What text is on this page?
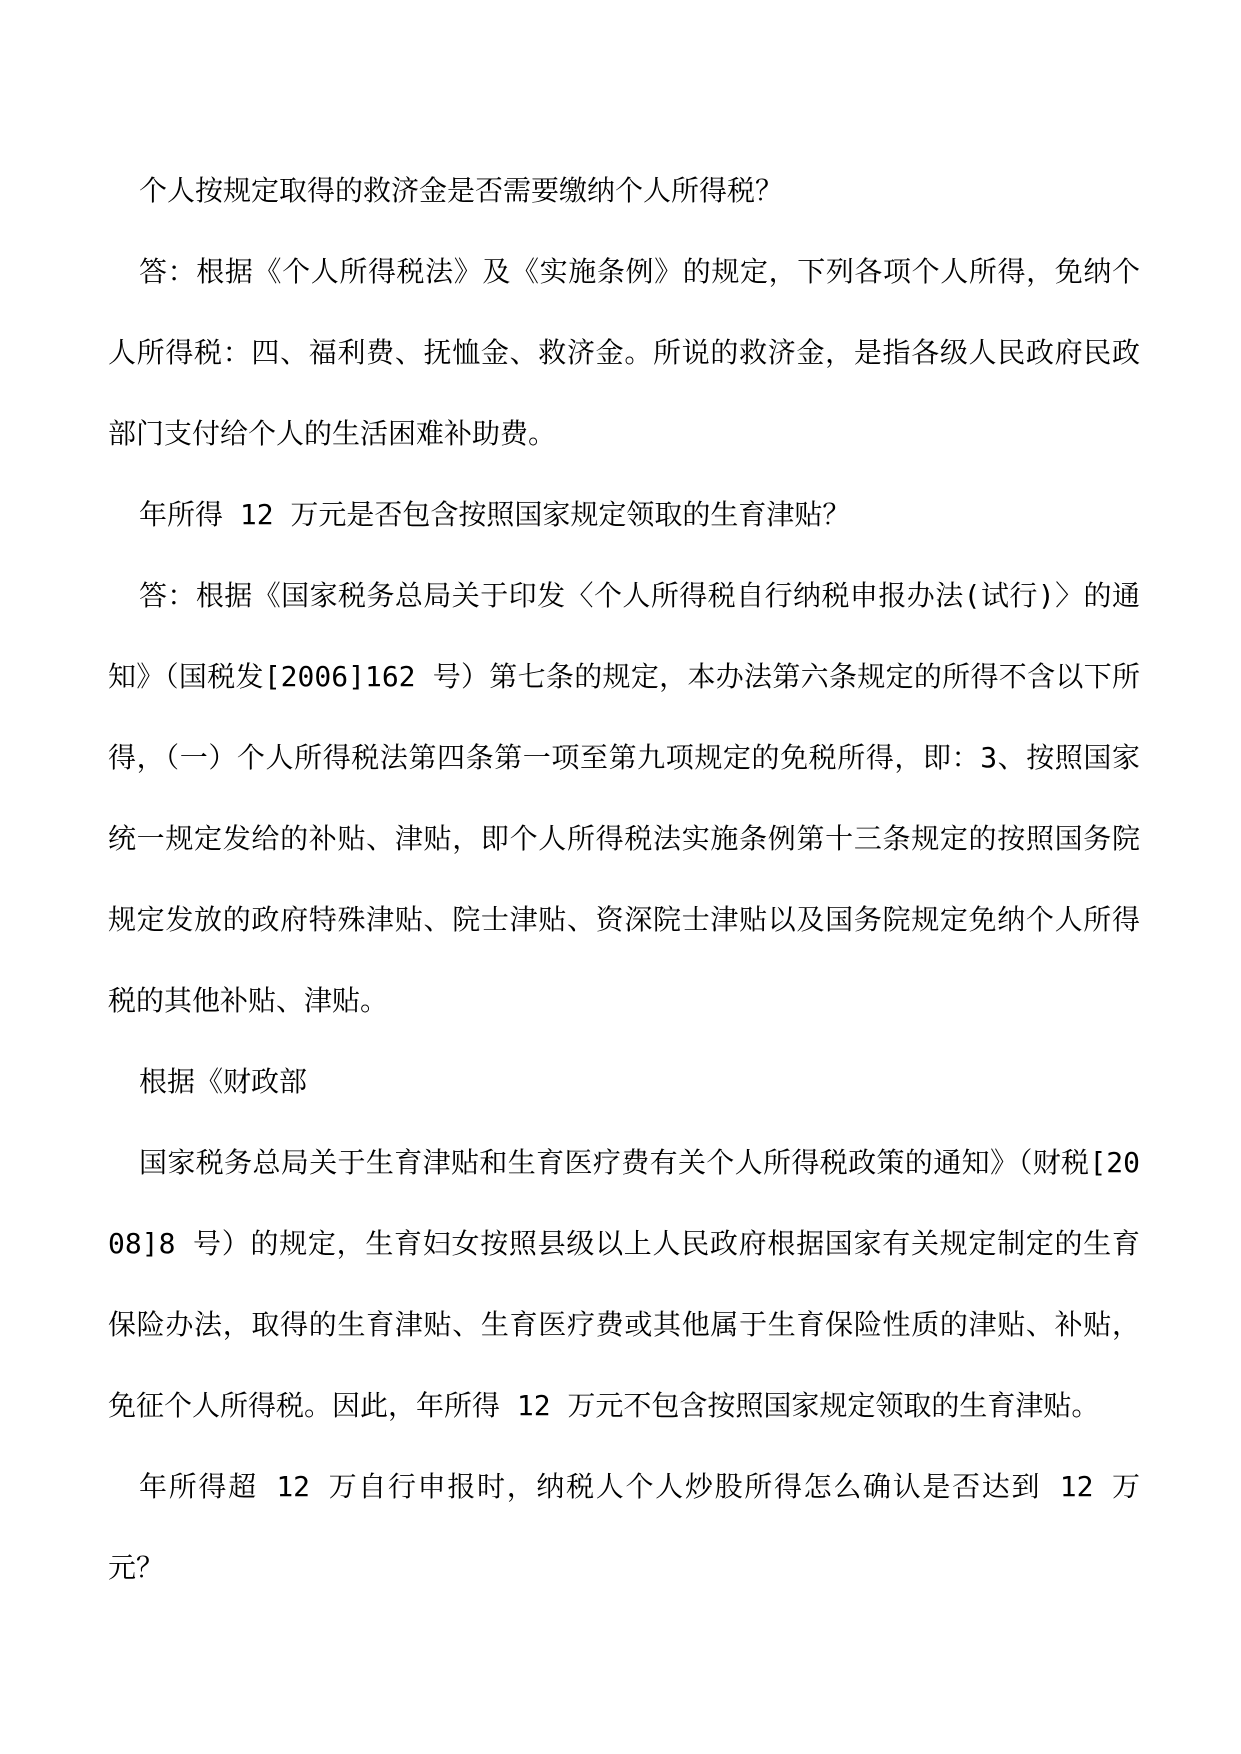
个人按规定取得的救济金是否需要缴纳个人所得税？

答：根据《个人所得税法》及《实施条例》的规定，下列各项个人所得，免纳个人所得税：四、福利费、抚恤金、救济金。所说的救济金，是指各级人民政府民政部门支付给个人的生活困难补助费。

年所得 12 万元是否包含按照国家规定领取的生育津贴？

答：根据《国家税务总局关于印发〈个人所得税自行纳税申报办法(试行)〉的通知》（国税发[2006]162 号）第七条的规定，本办法第六条规定的所得不含以下所得，（一）个人所得税法第四条第一项至第九项规定的免税所得，即：3、按照国家统一规定发给的补贴、津贴，即个人所得税法实施条例第十三条规定的按照国务院规定发放的政府特殊津贴、院士津贴、资深院士津贴以及国务院规定免纳个人所得税的其他补贴、津贴。

根据《财政部

国家税务总局关于生育津贴和生育医疗费有关个人所得税政策的通知》（财税[2008]8 号）的规定，生育妇女按照县级以上人民政府根据国家有关规定制定的生育保险办法，取得的生育津贴、生育医疗费或其他属于生育保险性质的津贴、补贴，免征个人所得税。因此，年所得 12 万元不包含按照国家规定领取的生育津贴。

年所得超 12 万自行申报时，纳税人个人炒股所得怎么确认是否达到 12 万元？
